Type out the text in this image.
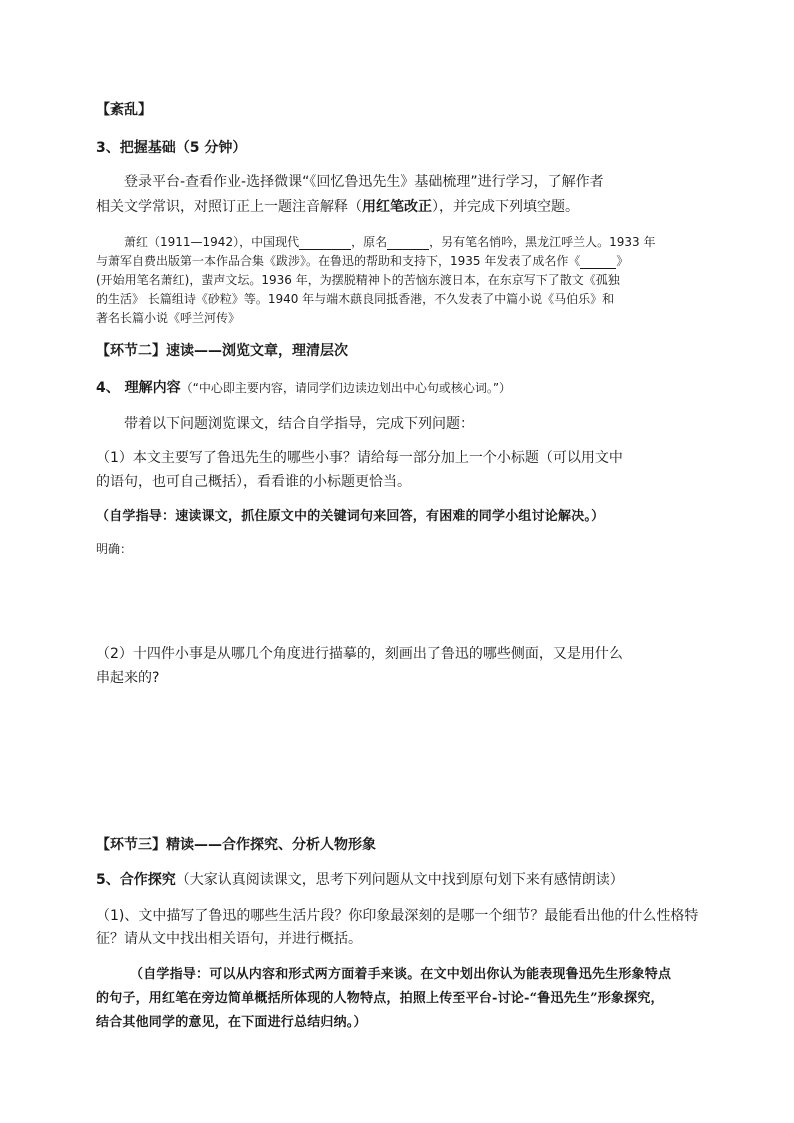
【紊乱】
3、把握基础（5 分钟）
登录平台-查看作业-选择微课“《回忆鲁迅先生》基础梳理”进行学习，了解作者
相关文学常识，对照订正上一题注音解释（用红笔改正），并完成下列填空题。
萧红（1911—1942），中国现代	，原名	，另有笔名悄吟，黑龙江呼兰人。1933 年
与萧军自费出版第一本作品合集《跋涉》。在鲁迅的帮助和支持下，1935 年发表了成名作《	》
(开始用笔名萧红)，蜚声文坛。1936 年，为摆脱精神卜的苦恼东渡日本，在东京写下了散文《孤独
的生活》 长篇组诗《砂粒》等。1940 年与端木蕻良同抵香港，不久发表了中篇小说《马伯乐》和
著名长篇小说《呼兰河传》
【环节二】速读——浏览文章，理清层次
4、 理解内容（“中心即主要内容，请同学们边读边划出中心句或核心词。”）
带着以下问题浏览课文，结合自学指导，完成下列问题：
（1）本文主要写了鲁迅先生的哪些小事？请给每一部分加上一个小标题（可以用文中
的语句，也可自己概括），看看谁的小标题更恰当。
（自学指导：速读课文，抓住原文中的关键词句来回答，有困难的同学小组讨论解决。）
明确：
（2）十四件小事是从哪几个角度进行描摹的，刻画出了鲁迅的哪些侧面，又是用什么
串起来的?
【环节三】精读——合作探究、分析人物形象
5、合作探究（大家认真阅读课文，思考下列问题从文中找到原句划下来有感情朗读）
（1)、文中描写了鲁迅的哪些生活片段？你印象最深刻的是哪一个细节？最能看出他的什么性格特
征？请从文中找出相关语句，并进行概括。
（自学指导：可以从内容和形式两方面着手来谈。在文中划出你认为能表现鲁迅先生形象特点
的句子，用红笔在旁边简单概括所体现的人物特点，拍照上传至平台-讨论-“鲁迅先生”形象探究，
结合其他同学的意见，在下面进行总结归纳。）
